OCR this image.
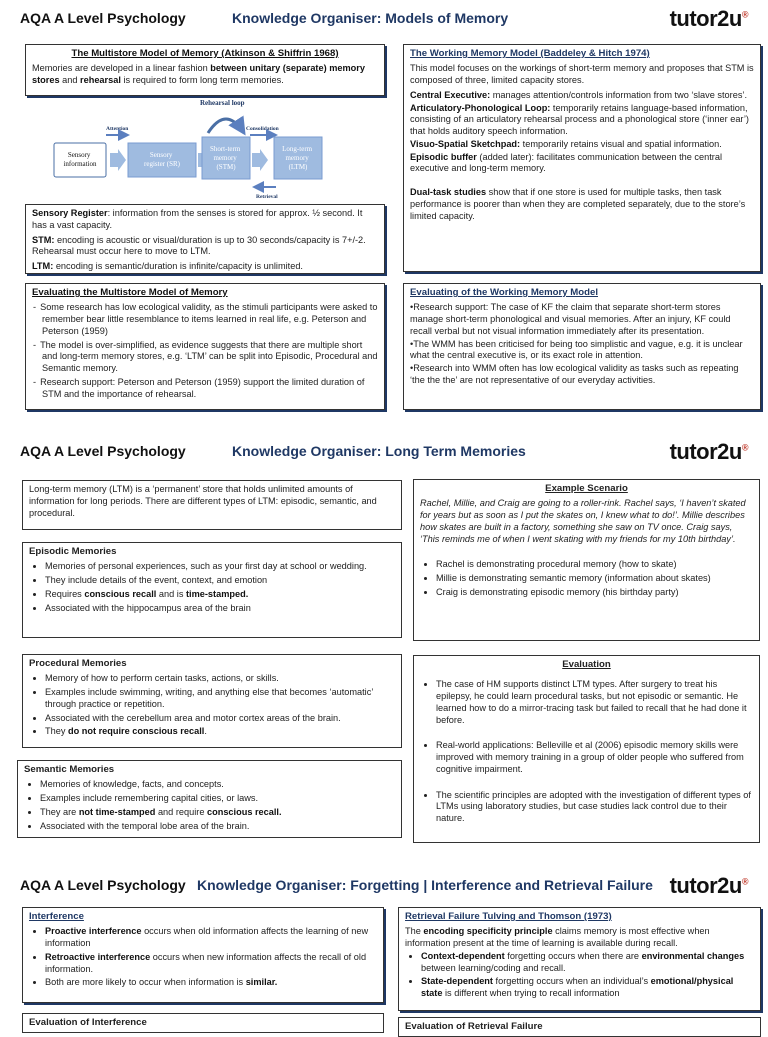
AQA A Level Psychology	Knowledge Organiser: Models of Memory	tutor2u®
The Multistore Model of Memory (Atkinson & Shiffrin 1968)

Memories are developed in a linear fashion between unitary (separate) memory stores and rehearsal is required to form long term memories.

Rehearsal loop
Attention	Consolidation
Sensory information
Sensory register (SR)
Short-term memory (STM)
Long-term memory (LTM)
Retrieval

Sensory Register: information from the senses is stored for approx. ½ second. It has a vast capacity.

STM: encoding is acoustic or visual/duration is up to 30 seconds/capacity is 7+/-2. Rehearsal must occur here to move to LTM.

LTM: encoding is semantic/duration is infinite/capacity is unlimited.

Evaluating the Multistore Model of Memory
- Some research has low ecological validity, as the stimuli participants were asked to remember bear little resemblance to items learned in real life, e.g. Peterson and Peterson (1959)
- The model is over-simplified, as evidence suggests that there are multiple short and long-term memory stores, e.g. ‘LTM’ can be split into Episodic, Procedural and Semantic memory.
- Research support: Peterson and Peterson (1959) support the limited duration of STM and the importance of rehearsal.
The Working Memory Model (Baddeley & Hitch 1974)

This model focuses on the workings of short-term memory and proposes that STM is composed of three, limited capacity stores.

Central Executive: manages attention/controls information from two ‘slave stores’.

Articulatory-Phonological Loop: temporarily retains language-based information, consisting of an articulatory rehearsal process and a phonological store (‘inner ear’) that holds auditory speech information.

Visuo-Spatial Sketchpad: temporarily retains visual and spatial information.

Episodic buffer (added later): facilitates communication between the central executive and long-term memory.

Dual-task studies show that if one store is used for multiple tasks, then task performance is poorer than when they are completed separately, due to the store’s limited capacity.

Evaluating of the Working Memory Model

•Research support: The case of KF the claim that separate short-term stores manage short-term phonological and visual memories. After an injury, KF could recall verbal but not visual information immediately after its presentation.

•The WMM has been criticised for being too simplistic and vague, e.g. it is unclear what the central executive is, or its exact role in attention.

•Research into WMM often has low ecological validity as tasks such as repeating ‘the the the’ are not representative of our everyday activities.

AQA A Level Psychology	Knowledge Organiser: Long Term Memories	tutor2u®

Long-term memory (LTM) is a ‘permanent’ store that holds unlimited amounts of information for long periods. There are different types of LTM: episodic, semantic, and procedural.

Episodic Memories
• Memories of personal experiences, such as your first day at school or wedding.
• They include details of the event, context, and emotion
• Requires conscious recall and is time-stamped.
• Associated with the hippocampus area of the brain
Procedural Memories
• Memory of how to perform certain tasks, actions, or skills.
• Examples include swimming, writing, and anything else that becomes ‘automatic’ through practice or repetition.
• Associated with the cerebellum area and motor cortex areas of the brain.
• They do not require conscious recall.
Semantic Memories
• Memories of knowledge, facts, and concepts.
• Examples include remembering capital cities, or laws.
• They are not time-stamped and require conscious recall.
• Associated with the temporal lobe area of the brain.
Example Scenario

Rachel, Millie, and Craig are going to a roller-rink. Rachel says, ‘I haven’t skated for years but as soon as I put the skates on, I knew what to do!’. Millie describes how skates are built in a factory, something she saw on TV once. Craig says, ‘This reminds me of when I went skating with my friends for my 10th birthday’.

• Rachel is demonstrating procedural memory (how to skate)
• Millie is demonstrating semantic memory (information about skates)
• Craig is demonstrating episodic memory (his birthday party)
Evaluation
• The case of HM supports distinct LTM types. After surgery to treat his epilepsy, he could learn procedural tasks, but not episodic or semantic. He learned how to do a mirror-tracing task but failed to recall that he had done it before.
• Real-world applications: Belleville et al (2006) episodic memory skills were improved with memory training in a group of older people who suffered from cognitive impairment.
• The scientific principles are adopted with the investigation of different types of LTMs using laboratory studies, but case studies lack control due to their nature.
AQA A Level Psychology Knowledge Organiser: Forgetting | Interference and Retrieval Failure tutor2u®
Interference
• Proactive interference occurs when old information affects the learning of new information
• Retroactive interference occurs when new information affects the recall of old information.
• Both are more likely to occur when information is similar.
Retrieval Failure Tulving and Thomson (1973)

The encoding specificity principle claims memory is most effective when information present at the time of learning is available during recall.

• Context-dependent forgetting occurs when there are environmental changes between learning/coding and recall.
• State-dependent forgetting occurs when an individual’s emotional/physical state is different when trying to recall information
Evaluation of Interference	Evaluation of Retrieval Failure
